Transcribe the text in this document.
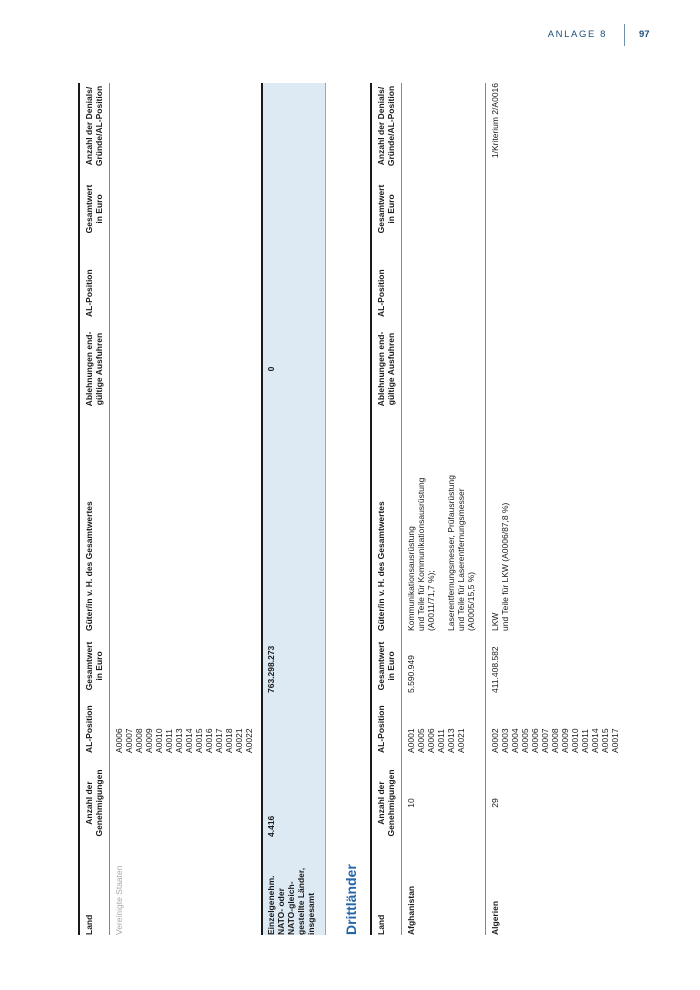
ANLAGE 8	97
Land
Anzahl der
Genehmigungen
AL-Position
Gesamtwert
in Euro
Güter/in v. H. des Gesamtwertes
Ablehnungen end-
gültige Ausfuhren
AL-Position
Gesamtwert
in Euro
Anzahl der Denials/
Gründe/AL-Position
Vereinigte Staaten
A0006
A0007
A0008
A0009
A0010
A0011
A0013
A0014
A0015
A0016
A0017
A0018
A0021
A0022
Einzelgenehm.
NATO- oder
NATO-gleich-
gestellte Länder,
insgesamt
4.416
763.298.273
0
Drittländer Land
Anzahl der
Genehmigungen
AL-Position
Gesamtwert
in Euro
Güter/in v. H. des Gesamtwertes
Ablehnungen end-
gültige Ausfuhren
AL-Position
Gesamtwert
in Euro
Anzahl der Denials/
Gründe/AL-Position
Afghanistan
10
A0001
A0005
A0006
A0011
A0013
A0021
5.590.949
Kommunikationsausrüstung
und Teile für Kommunikationsausrüstung
(A0011/71,7 %); Laserentfernungsmesser, Prüfausrüstung
und Teile für Laserentfernungsmesser
(A0005/15,5 %)
Algerien
29
A0002
A0003
A0004
A0005
A0006
A0007
A0008
A0009
A0010
A0011
A0014
A0015
A0017
411.408.582
LKW
und Teile für LKW (A0006/87,8 %)
1/Kriterium 2/A0016
